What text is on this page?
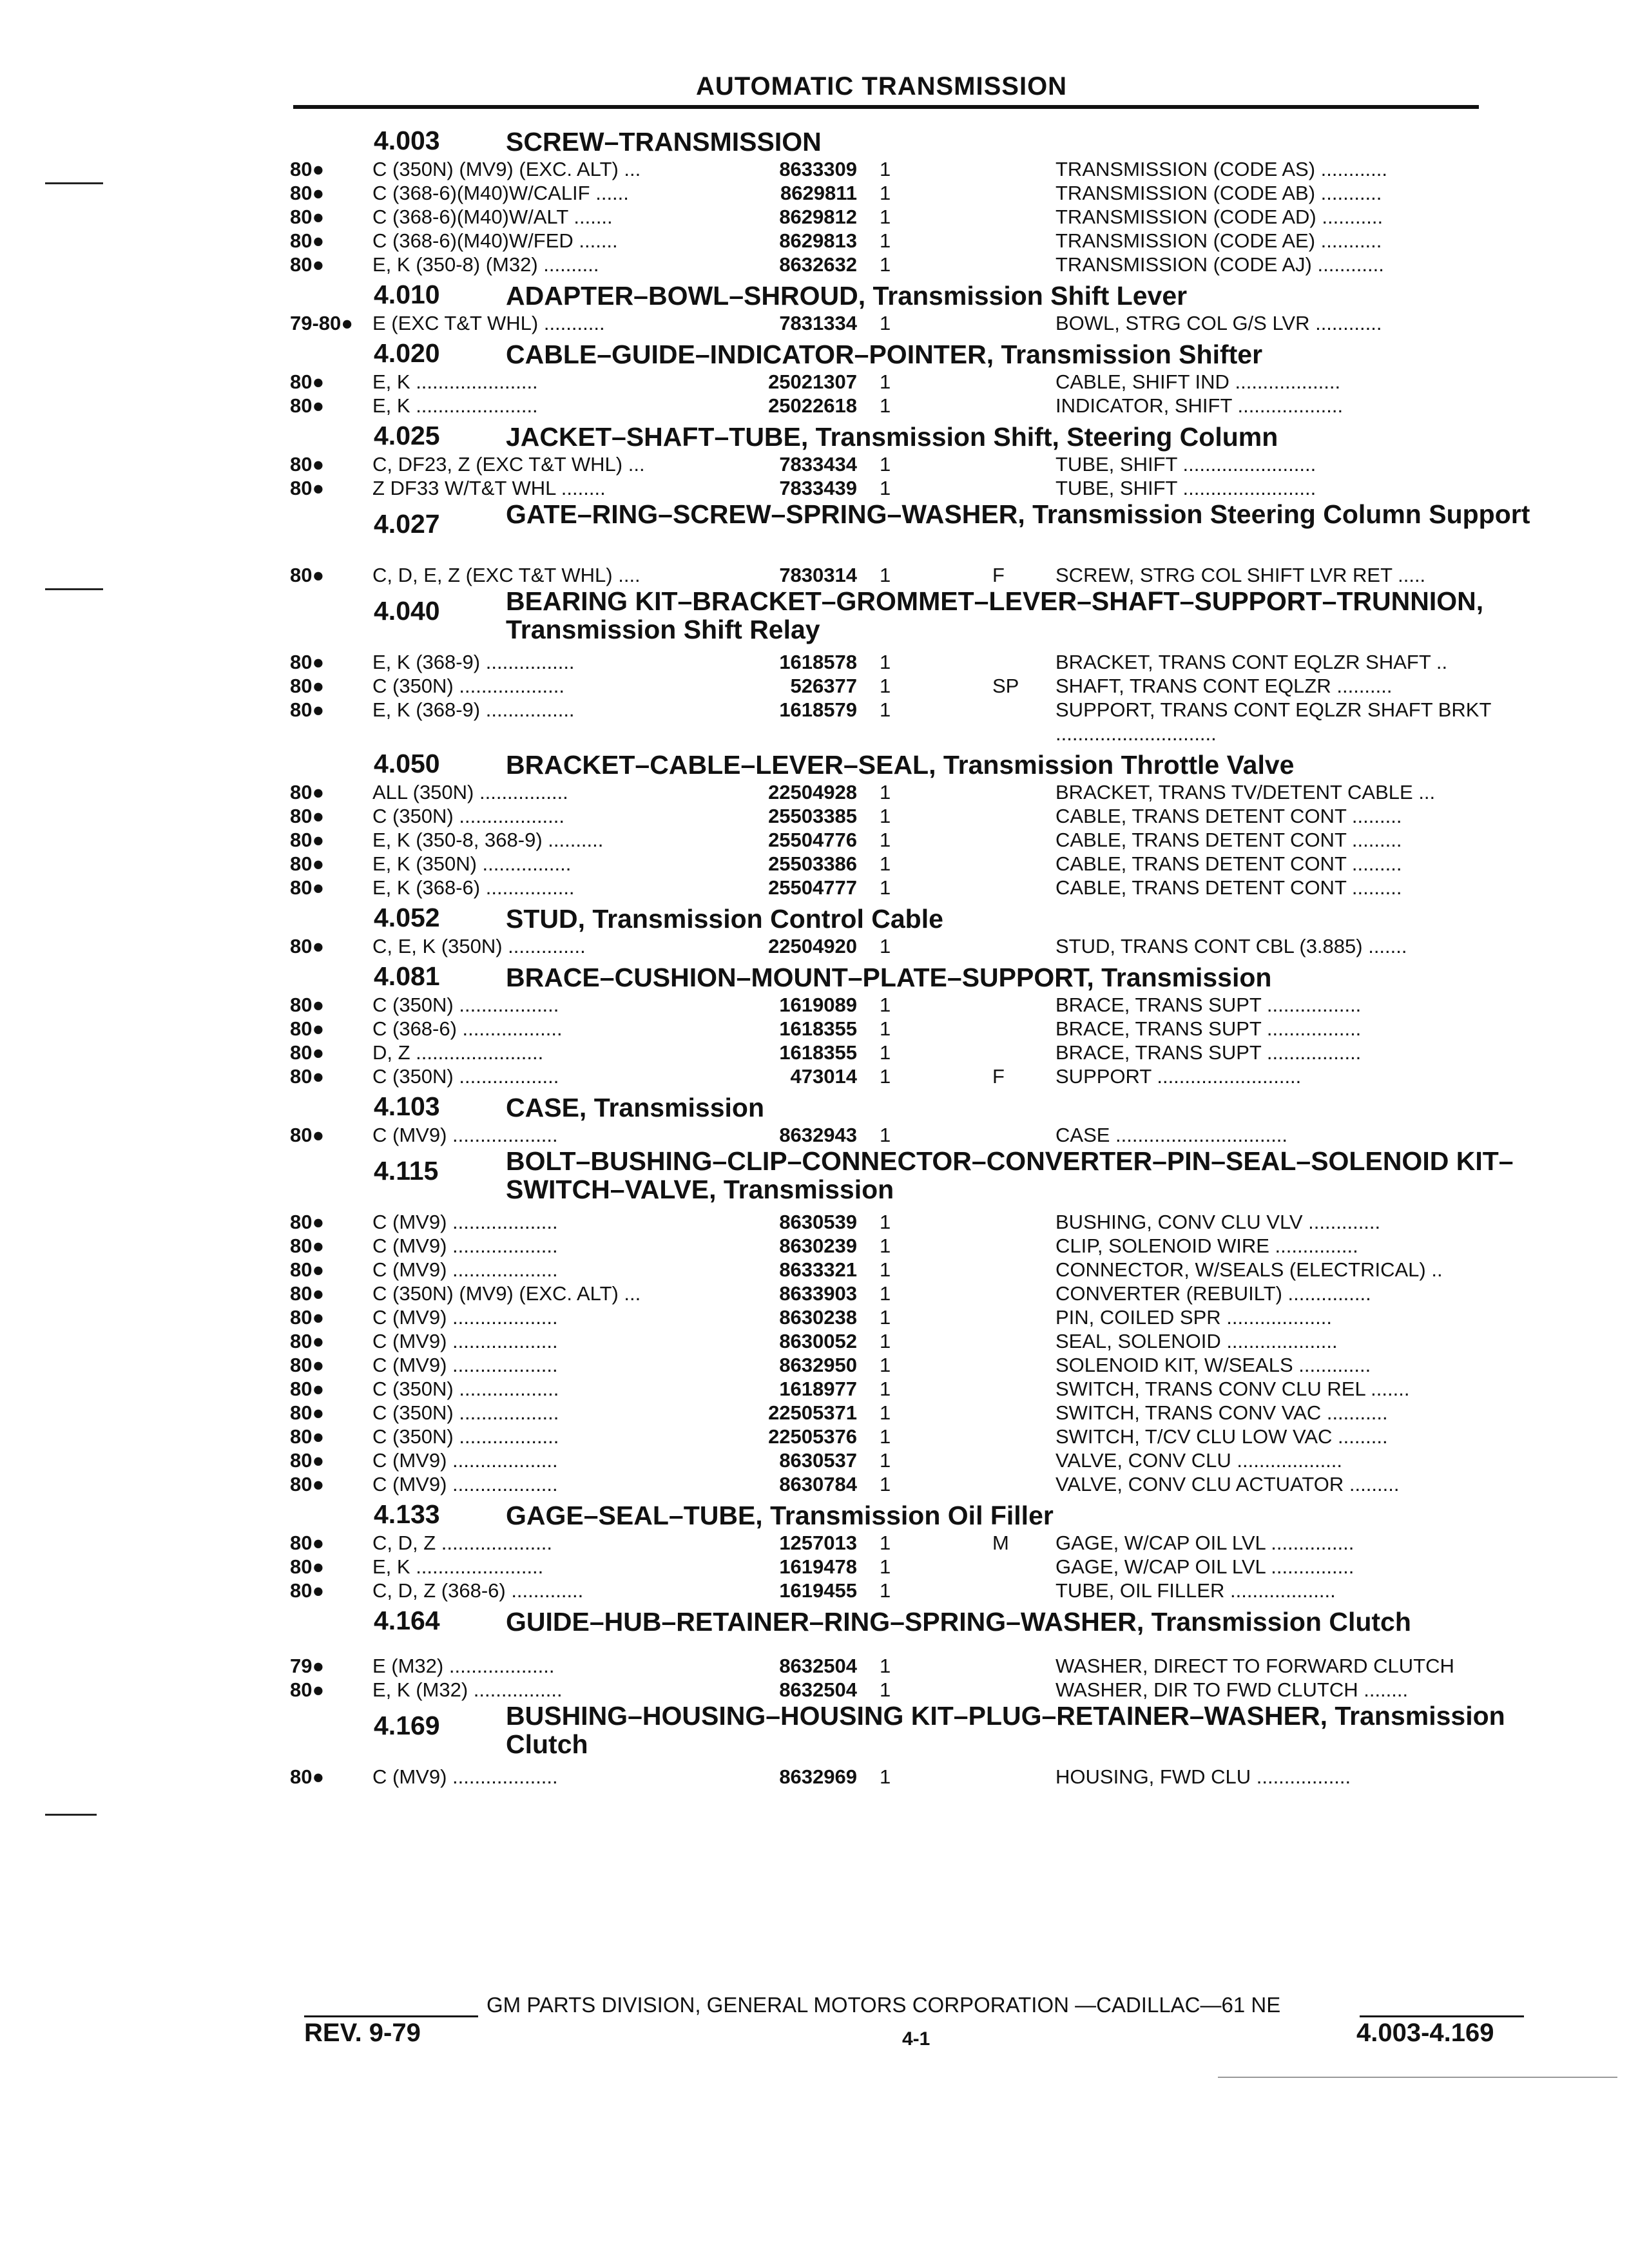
AUTOMATIC TRANSMISSION
4.003	SCREW–TRANSMISSION
80●	C (350N) (MV9) (EXC. ALT) ...	8633309 1	TRANSMISSION (CODE AS) ............
80●	C (368-6)(M40)W/CALIF ......	8629811 1	TRANSMISSION (CODE AB) ...........
80●	C (368-6)(M40)W/ALT .......	8629812 1	TRANSMISSION (CODE AD) ...........
80●	C (368-6)(M40)W/FED .......	8629813 1	TRANSMISSION (CODE AE) ...........
80●	E, K (350-8) (M32) ..........	8632632 1	TRANSMISSION (CODE AJ) ............
4.010	ADAPTER–BOWL–SHROUD, Transmission Shift Lever
79-80● E (EXC T&T WHL) ...........	7831334 1	BOWL, STRG COL G/S LVR ............
4.020	CABLE–GUIDE–INDICATOR–POINTER, Transmission Shifter
80●	E, K ......................	25021307 1	CABLE, SHIFT IND ...................
80●	E, K ......................	25022618 1	INDICATOR, SHIFT ...................
4.025	JACKET–SHAFT–TUBE, Transmission Shift, Steering Column
80●	C, DF23, Z (EXC T&T WHL) ...	7833434 1	TUBE, SHIFT ........................
80●	Z DF33 W/T&T WHL ........	7833439 1	TUBE, SHIFT ........................
4.027	GATE–RING–SCREW–SPRING–WASHER, Transmission Steering Column Support
80●	C, D, E, Z (EXC T&T WHL) ....	7830314 1	F	SCREW, STRG COL SHIFT LVR RET .....
4.040	BEARING KIT–BRACKET–GROMMET–LEVER–SHAFT–SUPPORT–TRUNNION, Transmission Shift Relay
80●	E, K (368-9) ................	1618578 1	BRACKET, TRANS CONT EQLZR SHAFT ..
80●	C (350N) ...................	526377 1	SP	SHAFT, TRANS CONT EQLZR ..........
80●	E, K (368-9) ................	1618579 1	SUPPORT, TRANS CONT EQLZR SHAFT BRKT .............................
4.050	BRACKET–CABLE–LEVER–SEAL, Transmission Throttle Valve
80●	ALL (350N) ................	22504928 1	BRACKET, TRANS TV/DETENT CABLE ...
80●	C (350N) ...................	25503385 1	CABLE, TRANS DETENT CONT .........
80●	E, K (350-8, 368-9) ..........	25504776 1	CABLE, TRANS DETENT CONT .........
80●	E, K (350N) ................	25503386 1	CABLE, TRANS DETENT CONT .........
80●	E, K (368-6) ................	25504777 1	CABLE, TRANS DETENT CONT .........
4.052	STUD, Transmission Control Cable
80●	C, E, K (350N) ..............	22504920 1	STUD, TRANS CONT CBL (3.885) .......
4.081	BRACE–CUSHION–MOUNT–PLATE–SUPPORT, Transmission
80●	C (350N) ..................	1619089 1	BRACE, TRANS SUPT .................
80●	C (368-6) ..................	1618355 1	BRACE, TRANS SUPT .................
80●	D, Z .......................	1618355 1	BRACE, TRANS SUPT .................
80●	C (350N) ..................	473014 1	F	SUPPORT ..........................
4.103	CASE, Transmission
80●	C (MV9) ...................	8632943 1	CASE ...............................
4.115	BOLT–BUSHING–CLIP–CONNECTOR–CONVERTER–PIN–SEAL–SOLENOID KIT–SWITCH–VALVE, Transmission
80●	C (MV9) ...................	8630539 1	BUSHING, CONV CLU VLV .............
80●	C (MV9) ...................	8630239 1	CLIP, SOLENOID WIRE ...............
80●	C (MV9) ...................	8633321 1	CONNECTOR, W/SEALS (ELECTRICAL) ..
80●	C (350N) (MV9) (EXC. ALT) ...	8633903 1	CONVERTER (REBUILT) ...............
80●	C (MV9) ...................	8630238 1	PIN, COILED SPR ...................
80●	C (MV9) ...................	8630052 1	SEAL, SOLENOID ....................
80●	C (MV9) ...................	8632950 1	SOLENOID KIT, W/SEALS .............
80●	C (350N) ..................	1618977 1	SWITCH, TRANS CONV CLU REL .......
80●	C (350N) ..................	22505371 1	SWITCH, TRANS CONV VAC ...........
80●	C (350N) ..................	22505376 1	SWITCH, T/CV CLU LOW VAC .........
80●	C (MV9) ...................	8630537 1	VALVE, CONV CLU ...................
80●	C (MV9) ...................	8630784 1	VALVE, CONV CLU ACTUATOR .........
4.133	GAGE–SEAL–TUBE, Transmission Oil Filler
80●	C, D, Z ....................	1257013 1	M	GAGE, W/CAP OIL LVL ...............
80●	E, K .......................	1619478 1	GAGE, W/CAP OIL LVL ...............
80●	C, D, Z (368-6) .............	1619455 1	TUBE, OIL FILLER ...................
4.164	GUIDE–HUB–RETAINER–RING–SPRING–WASHER, Transmission Clutch
79●	E (M32) ...................	8632504 1	WASHER, DIRECT TO FORWARD CLUTCH
80●	E, K (M32) ................	8632504 1	WASHER, DIR TO FWD CLUTCH ........
4.169	BUSHING–HOUSING–HOUSING KIT–PLUG–RETAINER–WASHER, Transmission Clutch
80●	C (MV9) ...................	8632969 1	HOUSING, FWD CLU .................
GM PARTS DIVISION, GENERAL MOTORS CORPORATION —CADILLAC—61 NE
REV. 9-79	4-1	4.003-4.169
